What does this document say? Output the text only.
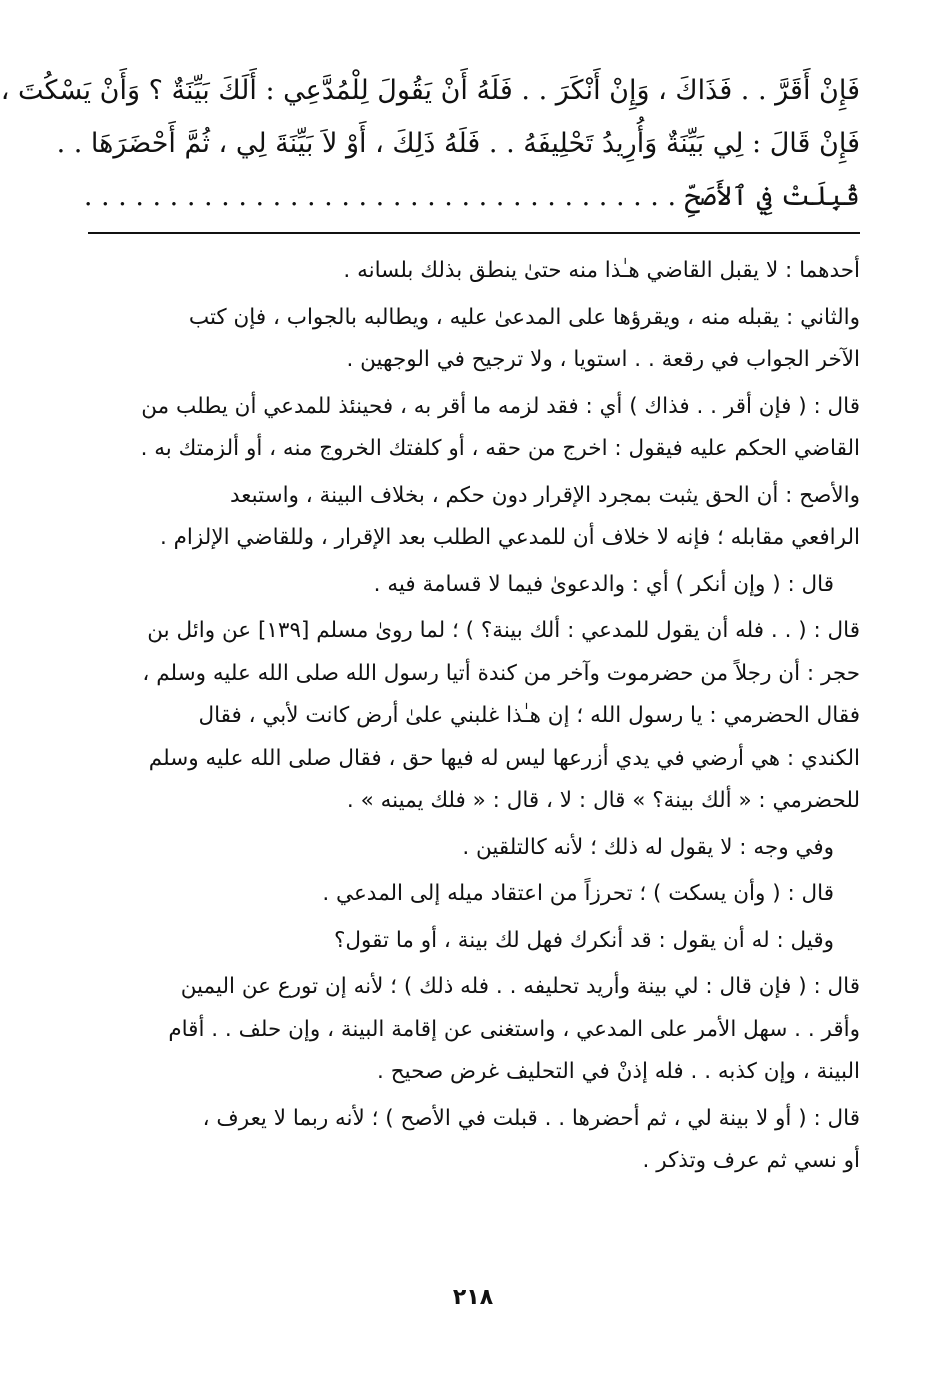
فَإِنْ أَقَرَّ . . فَذَاكَ ، وَإِنْ أَنْكَرَ . . فَلَهُ أَنْ يَقُولَ لِلْمُدَّعِي : أَلَكَ بَيِّنَةٌ ؟ وَأَنْ يَسْكُتَ ،

فَإِنْ قَالَ : لِي بَيِّنَةٌ وَأُرِيدُ تَحْلِيفَهُ . . فَلَهُ ذَلِكَ ، أَوْ لاَ بَيِّنَةَ لِي ، ثُمَّ أَحْضَرَهَا . .

قُبِلَتْ فِي ٱلأَصَحِّ . . . . . . . . . . . . . . . . . . . . . . . . . . . . . . . . . . .

أحدهما : لا يقبل القاضي هـٰذا منه حتىٰ ينطق بذلك بلسانه .
والثاني : يقبله منه ، ويقرؤها على المدعىٰ عليه ، ويطالبه بالجواب ، فإن كتب
الآخر الجواب في رقعة . . استويا ، ولا ترجيح في الوجهين .
قال : ( فإن أقر . . فذاك ) أي : فقد لزمه ما أقر به ، فحينئذ للمدعي أن يطلب من
القاضي الحكم عليه فيقول : اخرج من حقه ، أو كلفتك الخروج منه ، أو ألزمتك به .
والأصح : أن الحق يثبت بمجرد الإقرار دون حكم ، بخلاف البينة ، واستبعد
الرافعي مقابله ؛ فإنه لا خلاف أن للمدعي الطلب بعد الإقرار ، وللقاضي الإلزام .
قال : ( وإن أنكر ) أي : والدعوىٰ فيما لا قسامة فيه .
قال : ( . . فله أن يقول للمدعي : ألك بينة؟ ) ؛ لما روىٰ مسلم [١٣٩] عن وائل بن
حجر : أن رجلاً من حضرموت وآخر من كندة أتيا رسول الله صلى الله عليه وسلم ،
فقال الحضرمي : يا رسول الله ؛ إن هـٰذا غلبني علىٰ أرض كانت لأبي ، فقال
الكندي : هي أرضي في يدي أزرعها ليس له فيها حق ، فقال صلى الله عليه وسلم
للحضرمي : « ألك بينة؟ » قال : لا ، قال : « فلك يمينه » .
وفي وجه : لا يقول له ذلك ؛ لأنه كالتلقين .
قال : ( وأن يسكت ) ؛ تحرزاً من اعتقاد ميله إلى المدعي .
وقيل : له أن يقول : قد أنكرك فهل لك بينة ، أو ما تقول؟
قال : ( فإن قال : لي بينة وأريد تحليفه . . فله ذلك ) ؛ لأنه إن تورع عن اليمين
وأقر . . سهل الأمر على المدعي ، واستغنى عن إقامة البينة ، وإن حلف . . أقام
البينة ، وإن كذبه . . فله إذنْ في التحليف غرض صحيح .
قال : ( أو لا بينة لي ، ثم أحضرها . . قبلت في الأصح ) ؛ لأنه ربما لا يعرف ،
أو نسي ثم عرف وتذكر .
٢١٨
